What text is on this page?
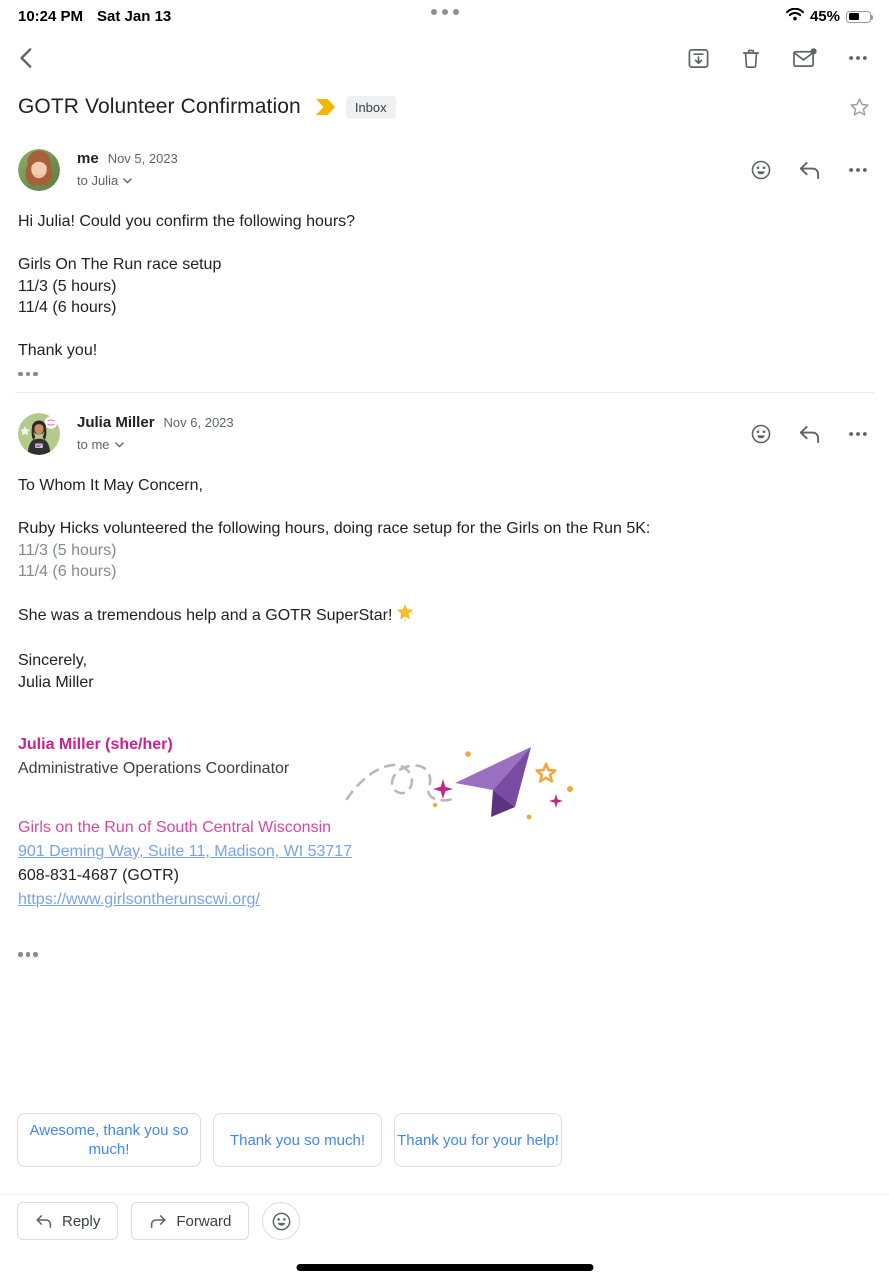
10:24 PM Sat Jan 13	45%
GOTR Volunteer Confirmation	Inbox
me Nov 5, 2023
to Julia
Hi Julia! Could you confirm the following hours?
Girls On The Run race setup
11/3 (5 hours)
11/4 (6 hours)
Thank you!
Julia Miller Nov 6, 2023
to me
To Whom It May Concern,
Ruby Hicks volunteered the following hours, doing race setup for the Girls on the Run 5K:
11/3 (5 hours)
11/4 (6 hours)
She was a tremendous help and a GOTR SuperStar!
Sincerely,
Julia Miller
Julia Miller (she/her)
Administrative Operations Coordinator
Girls on the Run of South Central Wisconsin
901 Deming Way, Suite 11, Madison, WI 53717
608-831-4687 (GOTR)
https://www.girlsontherunscwi.org/
Awesome, thank you so much!
Thank you so much!	Thank you for your help!
Reply	Forward
